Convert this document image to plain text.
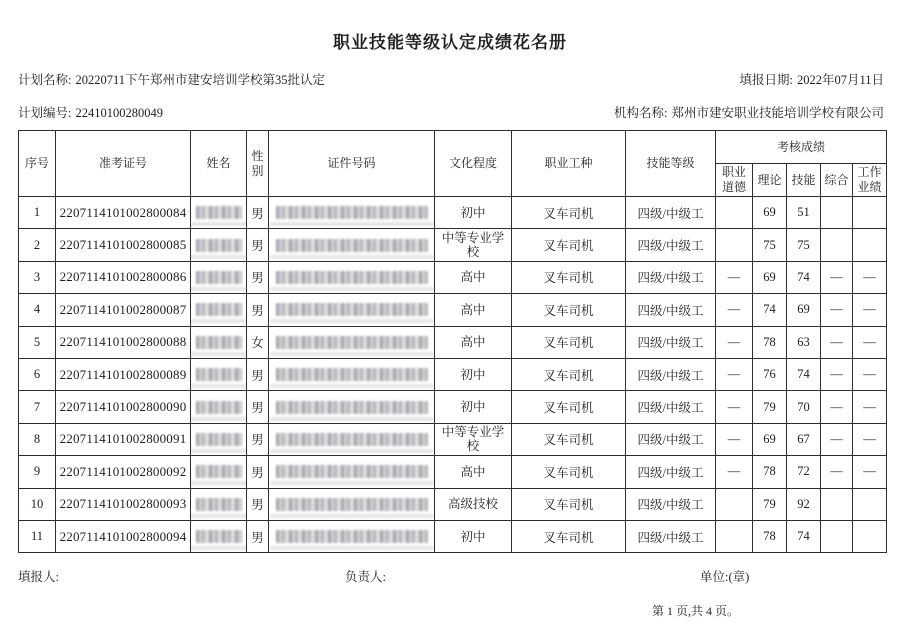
职业技能等级认定成绩花名册
计划名称: 20220711下午郑州市建安培训学校第35批认定	填报日期: 2022年07月11日
计划编号: 22410100280049	机构名称: 郑州市建安职业技能培训学校有限公司
序号	准考证号	姓名	性别	证件号码	文化程度	职业工种	技能等级	考核成绩				
								职业道德	理论	技能	综合	工作业绩
1	2207114101002800084		男		初中	叉车司机	四级/中级工		69	51		
2	2207114101002800085		男		中等专业学校	叉车司机	四级/中级工		75	75		
3	2207114101002800086		男		高中	叉车司机	四级/中级工	—	69	74	—	—
4	2207114101002800087		男		高中	叉车司机	四级/中级工	—	74	69	—	—
5	2207114101002800088		女		高中	叉车司机	四级/中级工	—	78	63	—	—
6	2207114101002800089		男		初中	叉车司机	四级/中级工	—	76	74	—	—
7	2207114101002800090		男		初中	叉车司机	四级/中级工	—	79	70	—	—
8	2207114101002800091		男		中等专业学校	叉车司机	四级/中级工	—	69	67	—	—
9	2207114101002800092		男		高中	叉车司机	四级/中级工	—	78	72	—	—
10	2207114101002800093		男		高级技校	叉车司机	四级/中级工		79	92		
11	2207114101002800094		男		初中	叉车司机	四级/中级工		78	74		
填报人:	负责人:	单位:(章)
第 1 页,共 4 页。
